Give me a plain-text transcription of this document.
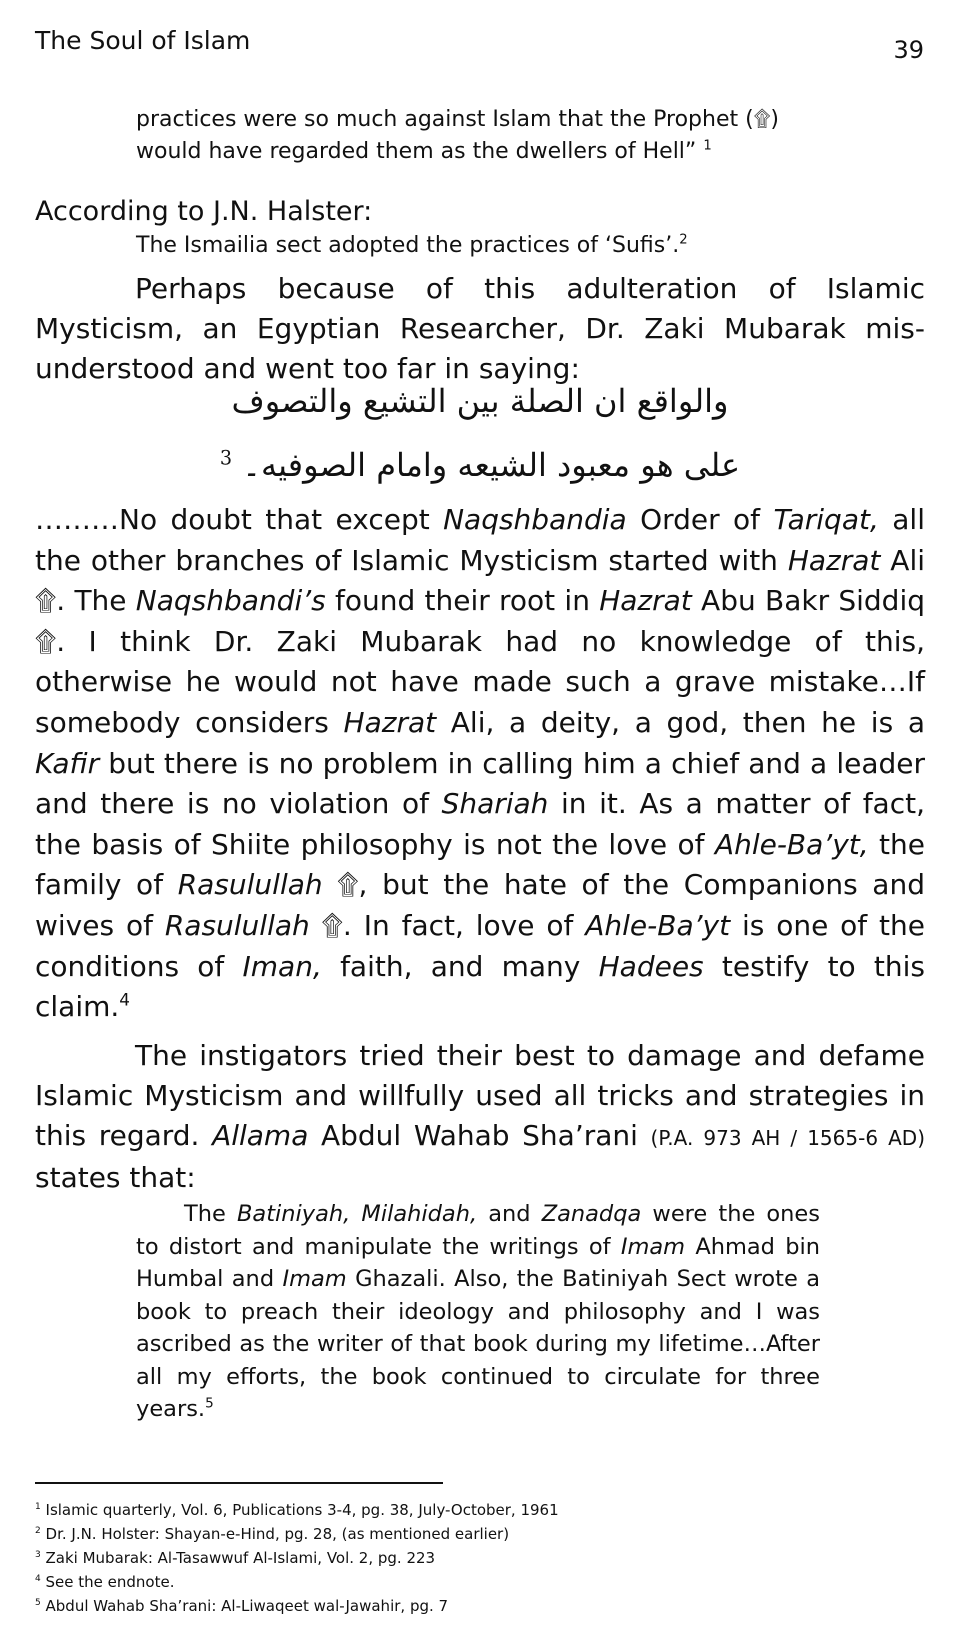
The Soul of Islam	39
practices were so much against Islam that the Prophet (۩)
would have regarded them as the dwellers of Hell” $^1$
According to J.N. Halster:
The Ismailia sect adopted the practices of ‘Sufis’.$^2$
Perhaps because of this adulteration of Islamic Mysticism, an Egyptian Researcher, Dr. Zaki Mubarak mis-understood and went too far in saying:
والواقع ان الصلة بين التشيع والتصوف
على هو معبود الشيعه وامام الصوفيه۔ $^3$
………No doubt that except Naqshbandia Order of Tariqat, all the other branches of Islamic Mysticism started with Hazrat Ali ۩. The Naqshbandi’s found their root in Hazrat Abu Bakr Siddiq ۩. I think Dr. Zaki Mubarak had no knowledge of this, otherwise he would not have made such a grave mistake…If somebody considers Hazrat Ali, a deity, a god, then he is a Kafir but there is no problem in calling him a chief and a leader and there is no violation of Shariah in it. As a matter of fact, the basis of Shiite philosophy is not the love of Ahle-Ba’yt, the family of Rasulullah ۩, but the hate of the Companions and wives of Rasulullah ۩. In fact, love of Ahle-Ba’yt is one of the conditions of Iman, faith, and many Hadees testify to this claim.$^4$
The instigators tried their best to damage and defame Islamic Mysticism and willfully used all tricks and strategies in this regard. Allama Abdul Wahab Sha’rani (P.A. 973 AH / 1565-6 AD) states that:
The Batiniyah, Milahidah, and Zanadqa were the ones to distort and manipulate the writings of Imam Ahmad bin Humbal and Imam Ghazali. Also, the Batiniyah Sect wrote a book to preach their ideology and philosophy and I was ascribed as the writer of that book during my lifetime…After all my efforts, the book continued to circulate for three years.$^5$
$^1$ Islamic quarterly, Vol. 6, Publications 3-4, pg. 38, July-October, 1961
$^2$ Dr. J.N. Holster: Shayan-e-Hind, pg. 28, (as mentioned earlier)
$^3$ Zaki Mubarak: Al-Tasawwuf Al-Islami, Vol. 2, pg. 223
$^4$ See the endnote.
$^5$ Abdul Wahab Sha’rani: Al-Liwaqeet wal-Jawahir, pg. 7
